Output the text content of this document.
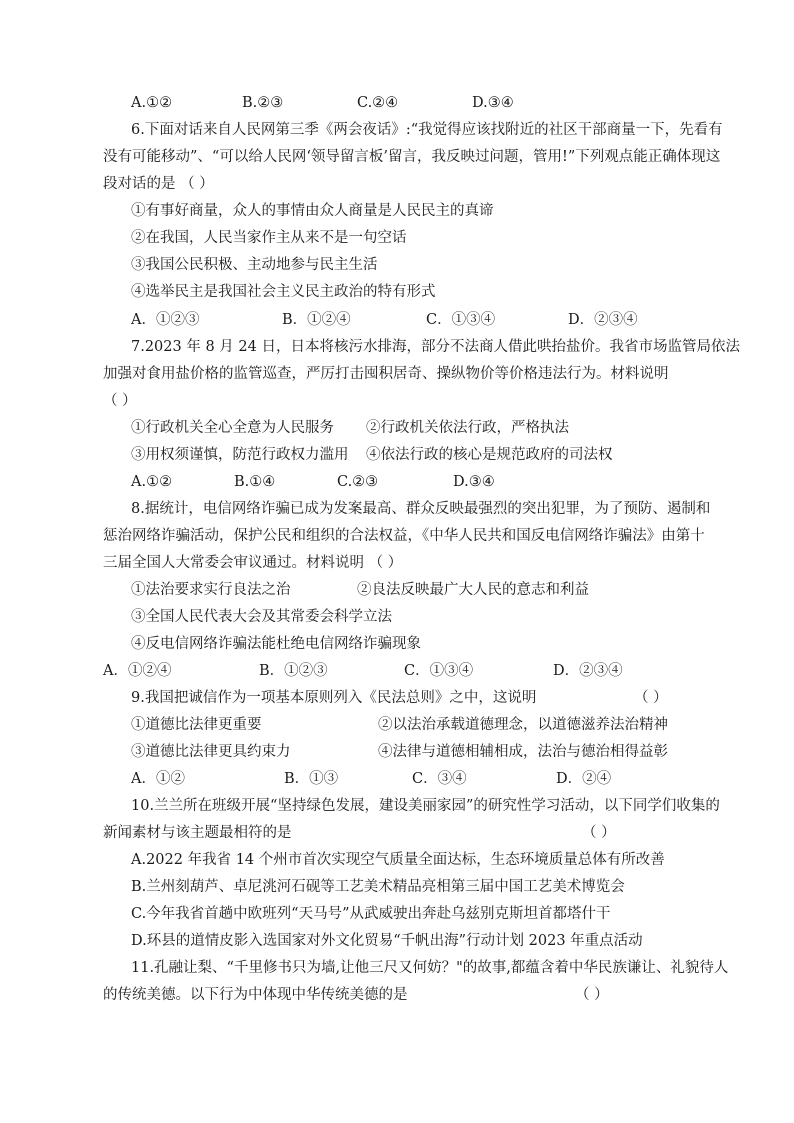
A.①②	B.②③	C.②④	D.③④
6.下面对话来自人民网第三季《两会夜话》:“我觉得应该找附近的社区干部商量一下，先看有
没有可能移动”、“可以给人民网‘领导留言板’留言，我反映过问题，管用!”下列观点能正确体现这
段对话的是 （ ）
①有事好商量，众人的事情由众人商量是人民民主的真谛
②在我国，人民当家作主从来不是一句空话
③我国公民积极、主动地参与民主生活
④选举民主是我国社会主义民主政治的特有形式
A．①②③	B．①②④	C．①③④	D．②③④
7.2023 年 8 月 24 日，日本将核污水排海，部分不法商人借此哄抬盐价。我省市场监管局依法
加强对食用盐价格的监管巡查，严厉打击囤积居奇、操纵物价等价格违法行为。材料说明
（ ）
①行政机关全心全意为人民服务 ②行政机关依法行政，严格执法
③用权须谨慎，防范行政权力滥用 ④依法行政的核心是规范政府的司法权
A.①②	B.①④	C.②③	D.③④
8.据统计，电信网络诈骗已成为发案最高、群众反映最强烈的突出犯罪，为了预防、遏制和
惩治网络诈骗活动，保护公民和组织的合法权益，《中华人民共和国反电信网络诈骗法》由第十
三届全国人大常委会审议通过。材料说明 （ ）
①法治要求实行良法之治	②良法反映最广大人民的意志和利益
③全国人民代表大会及其常委会科学立法
④反电信网络诈骗法能杜绝电信网络诈骗现象
A．①②④	B．①②③	C．①③④	D．②③④
9.我国把诚信作为一项基本原则列入《民法总则》之中，这说明	（ ）
①道德比法律更重要	②以法治承载道德理念，以道德滋养法治精神
③道德比法律更具约束力	④法律与道德相辅相成，法治与德治相得益彰
A．①②	B．①③	C．③④	D．②④
10.兰兰所在班级开展“坚持绿色发展，建设美丽家园”的研究性学习活动，以下同学们收集的
新闻素材与该主题最相符的是	（ ）
A.2022 年我省 14 个州市首次实现空气质量全面达标，生态环境质量总体有所改善
B.兰州刻葫芦、卓尼洮河石砚等工艺美术精品亮相第三届中国工艺美术博览会
C.今年我省首趟中欧班列“天马号”从武威驶出奔赴乌兹别克斯坦首都塔什干
D.环县的道情皮影入选国家对外文化贸易“千帆出海”行动计划 2023 年重点活动
11.孔融让梨、“千里修书只为墙,让他三尺又何妨？"的故事,都蕴含着中华民族谦让、礼貌待人
的传统美德。以下行为中体现中华传统美德的是	（ ）
